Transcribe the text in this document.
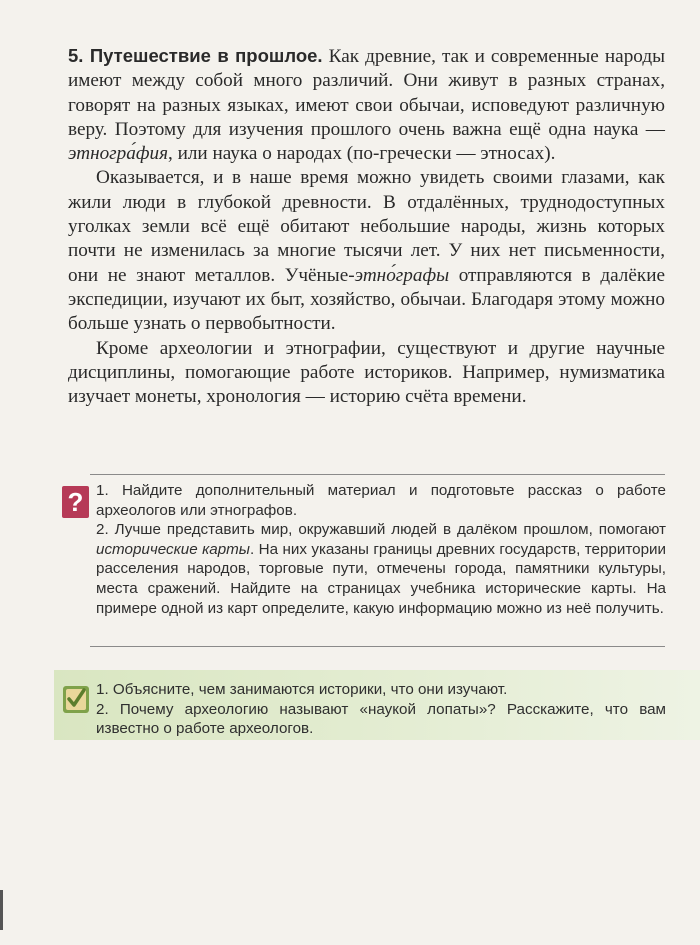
5. Путешествие в прошлое. Как древние, так и современные народы имеют между собой много различий. Они живут в разных странах, говорят на разных языках, имеют свои обычаи, исповедуют различную веру. Поэтому для изучения прошлого очень важна ещё одна наука — этногра́фия, или наука о народах (по-гречески — этносах).

Оказывается, и в наше время можно увидеть своими глазами, как жили люди в глубокой древности. В отдалённых, труднодоступных уголках земли всё ещё обитают небольшие народы, жизнь которых почти не изменилась за многие тысячи лет. У них нет письменности, они не знают металлов. Учёные-этно́графы отправляются в далёкие экспедиции, изучают их быт, хозяйство, обычаи. Благодаря этому можно больше узнать о первобытности.

Кроме археологии и этнографии, существуют и другие научные дисциплины, помогающие работе историков. Например, нумизматика изучает монеты, хронология — историю счёта времени.

? 1. Найдите дополнительный материал и подготовьте рассказ о работе археологов или этнографов.

2. Лучше представить мир, окружавший людей в далёком прошлом, помогают исторические карты. На них указаны границы древних государств, территории расселения народов, торговые пути, отмечены города, памятники культуры, места сражений. Найдите на страницах учебника исторические карты. На примере одной из карт определите, какую информацию можно из неё получить.

1. Объясните, чем занимаются историки, что они изучают.

2. Почему археологию называют «наукой лопаты»? Расскажите, что вам известно о работе археологов.
